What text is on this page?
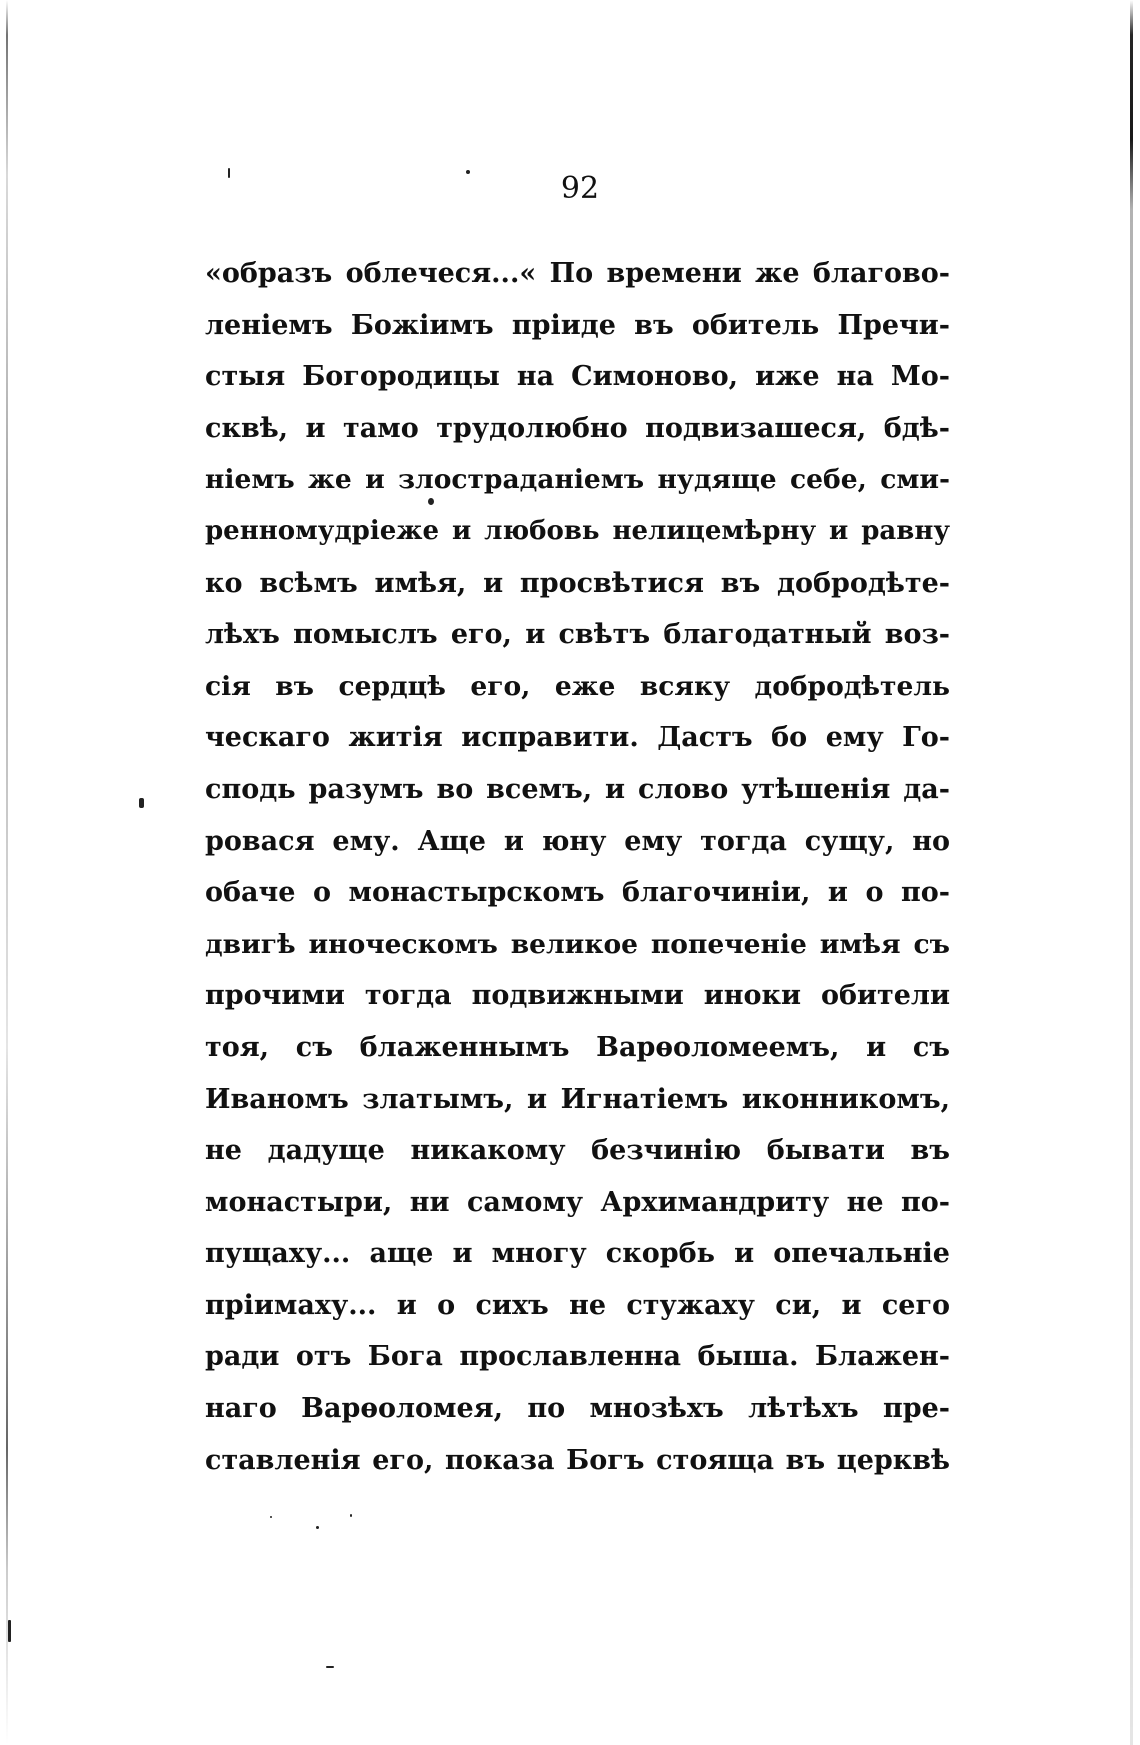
92
«образъ облечеся...« По времени же благово-
леніемъ Божіимъ пріиде въ обитель Пречи-
стыя Богородицы на Симоново, иже на Мо-
сквѣ, и тамо трудолюбно подвизашеся, бдѣ-
ніемъ же и злостраданіемъ нудяще себе, сми-
ренномудріеже и любовь нелицемѣрну и равну
ко всѣмъ имѣя, и просвѣтися въ добродѣте-
лѣхъ помыслъ его, и свѣтъ благодатный воз-
сія въ сердцѣ его, еже всяку добродѣтель
ческаго житія исправити. Дастъ бо ему Го-
сподь разумъ во всемъ, и слово утѣшенія да-
ровася ему. Аще и юну ему тогда сущу, но
обаче о монастырскомъ благочиніи, и о по-
двигѣ иноческомъ великое попеченіе имѣя съ
прочими тогда подвижными иноки обители
тоя, съ блаженнымъ Варѳоломеемъ, и съ
Иваномъ златымъ, и Игнатіемъ иконникомъ,
не дадуще никакому безчинію бывати въ
монастыри, ни самому Архимандриту не по-
пущаху... аще и многу скорбь и опечальніе
пріимаху... и о сихъ не стужаху си, и сего
ради отъ Бога прославленна быша. Блажен-
наго Варѳоломея, по мнозѣхъ лѣтѣхъ пре-
ставленія его, показа Богъ стояща въ церквѣ
